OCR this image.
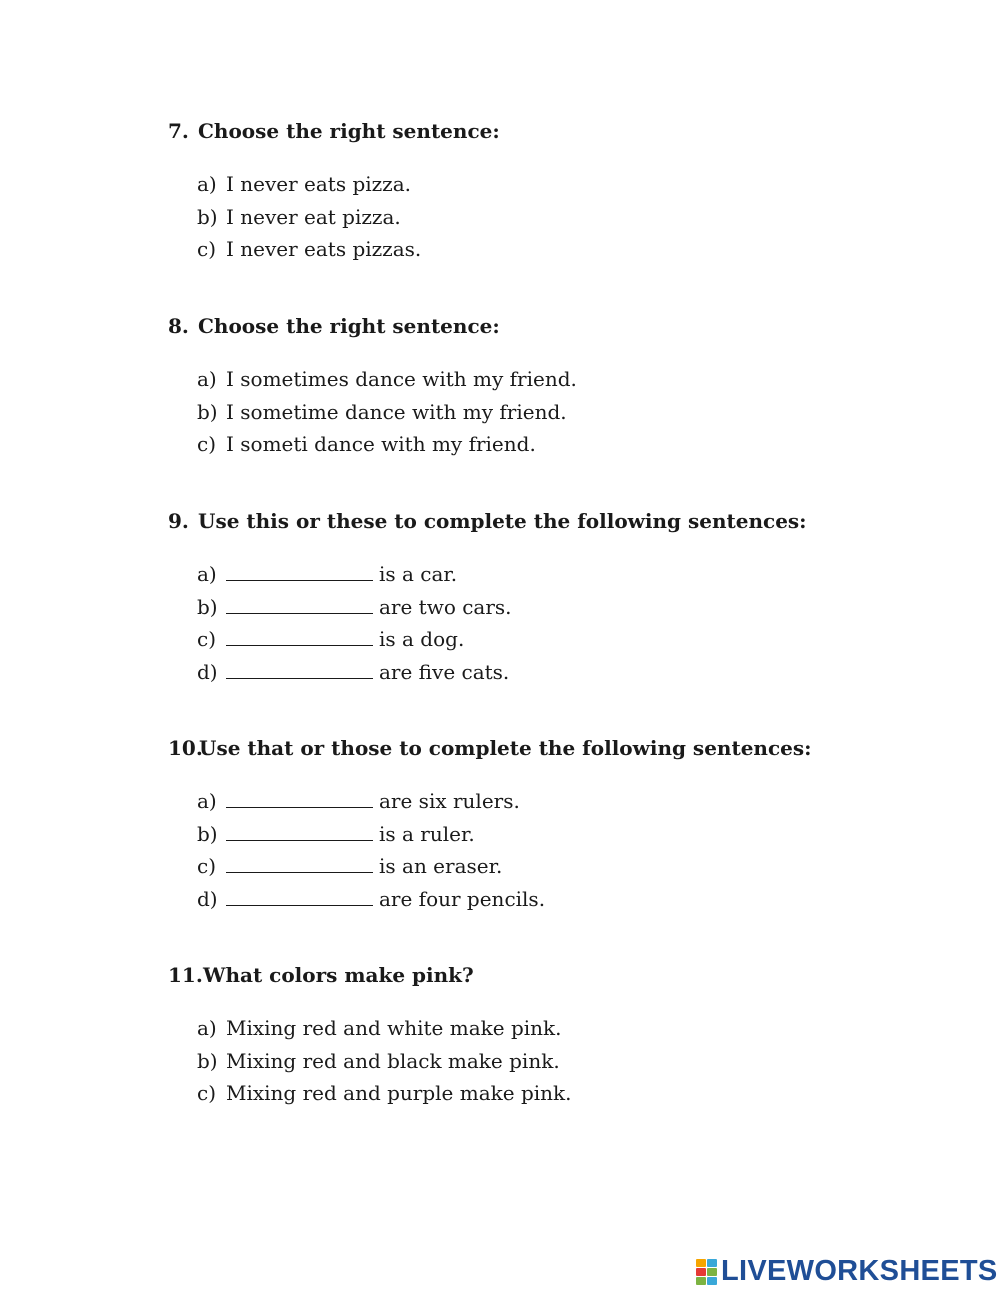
7. Choose the right sentence:
a) I never eats pizza.
b) I never eat pizza.
c) I never eats pizzas.
8. Choose the right sentence:
a) I sometimes dance with my friend.
b) I sometime dance with my friend.
c) I someti dance with my friend.
9. Use this or these to complete the following sentences:
a)	is a car.
b)	are two cars.
c)	is a dog.
d)	are five cats.
10.
Use that or those to complete the following sentences:
a)	are six rulers.
b)	is a ruler.
c)	is an eraser.
d)	are four pencils.
11. What colors make pink?
a) Mixing red and white make pink.
b) Mixing red and black make pink.
c) Mixing red and purple make pink.
LIVEWORKSHEETS
